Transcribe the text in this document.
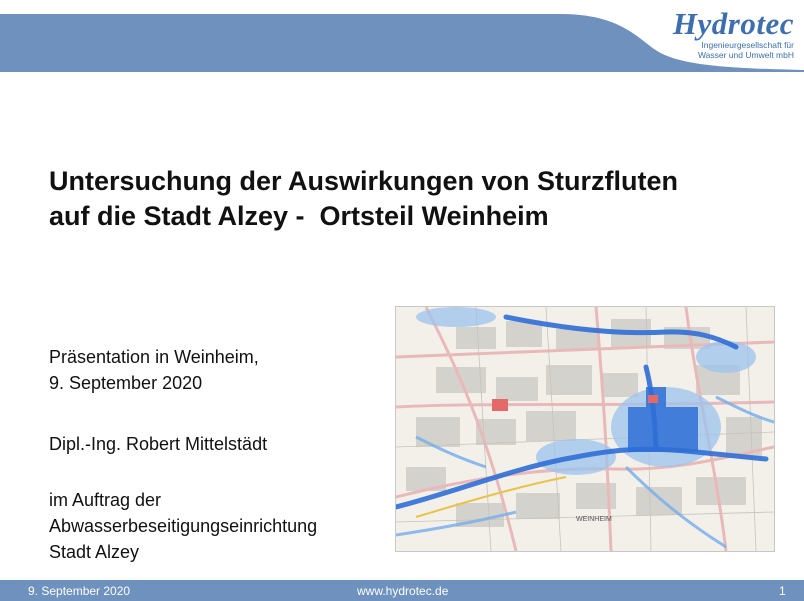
Hydrotec
Ingenieurgesellschaft für
Wasser und Umwelt mbH
Untersuchung der Auswirkungen von Sturzfluten
auf die Stadt Alzey -  Ortsteil Weinheim
Präsentation in Weinheim,
9. September 2020
Dipl.-Ing. Robert Mittelstädt
im Auftrag der
Abwasserbeseitigungseinrichtung
Stadt Alzey
WEINHEIM
9. September 2020	www.hydrotec.de	1
